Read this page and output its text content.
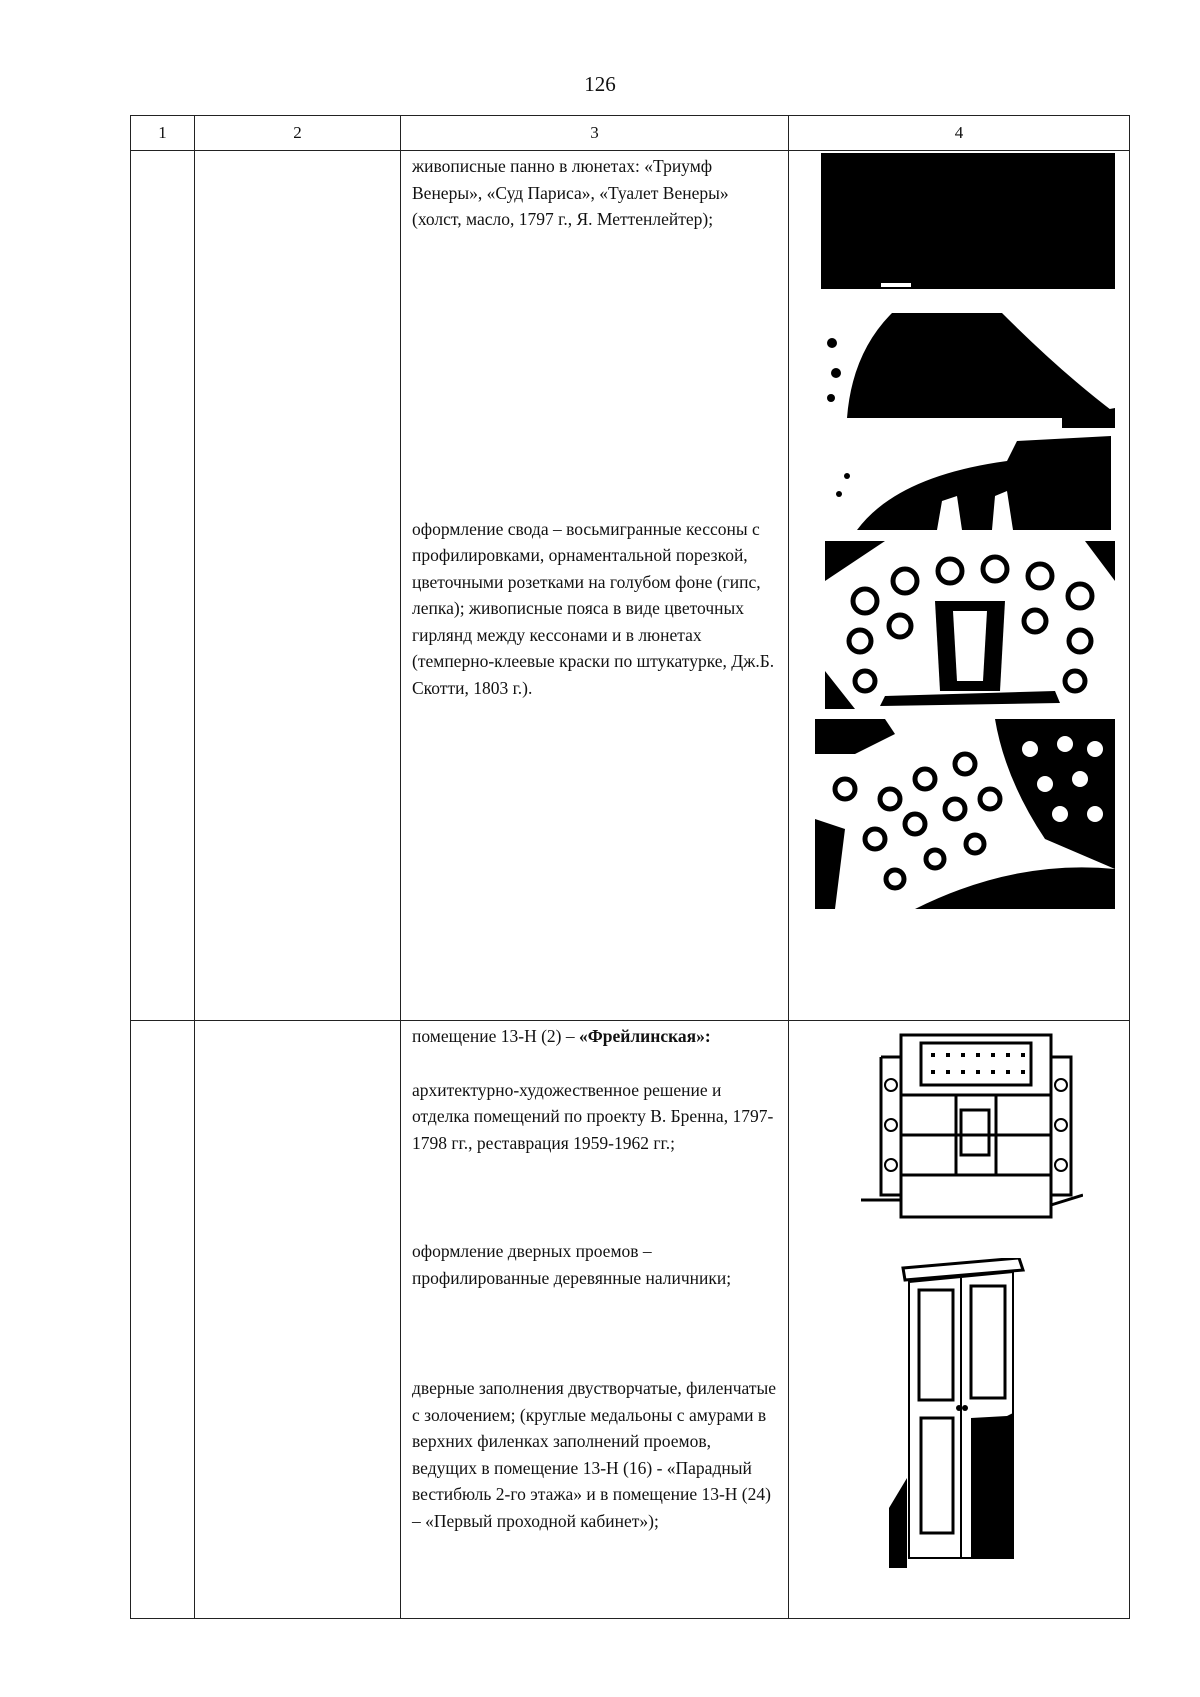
126
1	2	3	4

		живописные панно в люнетах: «Триумф Венеры», «Суд Париса», «Туалет Венеры» (холст, масло, 1797 г., Я. Меттенлейтер);

оформление свода – восьмигранные кессоны с профилировками, орнаментальной порезкой, цветочными розетками на голубом фоне (гипс, лепка); живописные пояса в виде цветочных гирлянд между кессонами и в люнетах (темперно-клеевые краски по штукатурке, Дж.Б. Скотти, 1803 г.).

		помещение 13-Н (2) – «Фрейлинская»:

архитектурно-художественное решение и отделка помещений по проекту В. Бренна, 1797-1798 гг., реставрация 1959-1962 гг.;

оформление дверных проемов – профилированные деревянные наличники;

дверные заполнения двустворчатые, филенчатые с золочением; (круглые медальоны с амурами в верхних филенках заполнений проемов, ведущих в помещение 13-Н (16) - «Парадный вестибюль 2-го этажа» и в помещение 13-Н (24) – «Первый проходной кабинет»);
